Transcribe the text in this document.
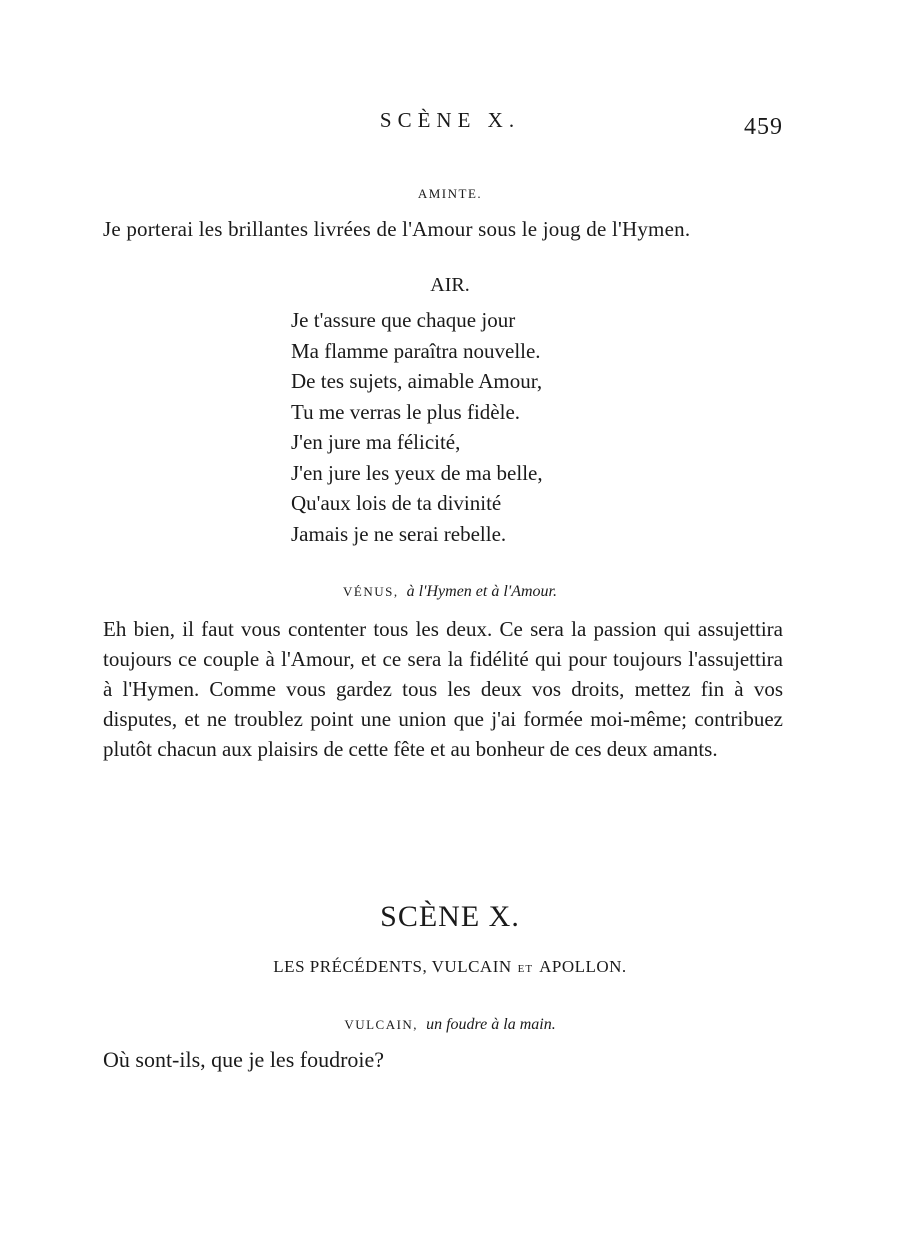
SCÈNE X.	459
AMINTE.
Je porterai les brillantes livrées de l'Amour sous le joug de l'Hymen.
AIR.
Je t'assure que chaque jour
Ma flamme paraîtra nouvelle.
De tes sujets, aimable Amour,
Tu me verras le plus fidèle.
J'en jure ma félicité,
J'en jure les yeux de ma belle,
Qu'aux lois de ta divinité
Jamais je ne serai rebelle.
VÉNUS, à l'Hymen et à l'Amour.
Eh bien, il faut vous contenter tous les deux. Ce sera la passion qui assujettira toujours ce couple à l'Amour, et ce sera la fidélité qui pour toujours l'assujettira à l'Hymen. Comme vous gardez tous les deux vos droits, mettez fin à vos disputes, et ne troublez point une union que j'ai formée moi-même; contribuez plutôt chacun aux plaisirs de cette fête et au bonheur de ces deux amants.
SCÈNE X.
LES PRÉCÉDENTS, VULCAIN ET APOLLON.
VULCAIN, un foudre à la main.
Où sont-ils, que je les foudroie?
